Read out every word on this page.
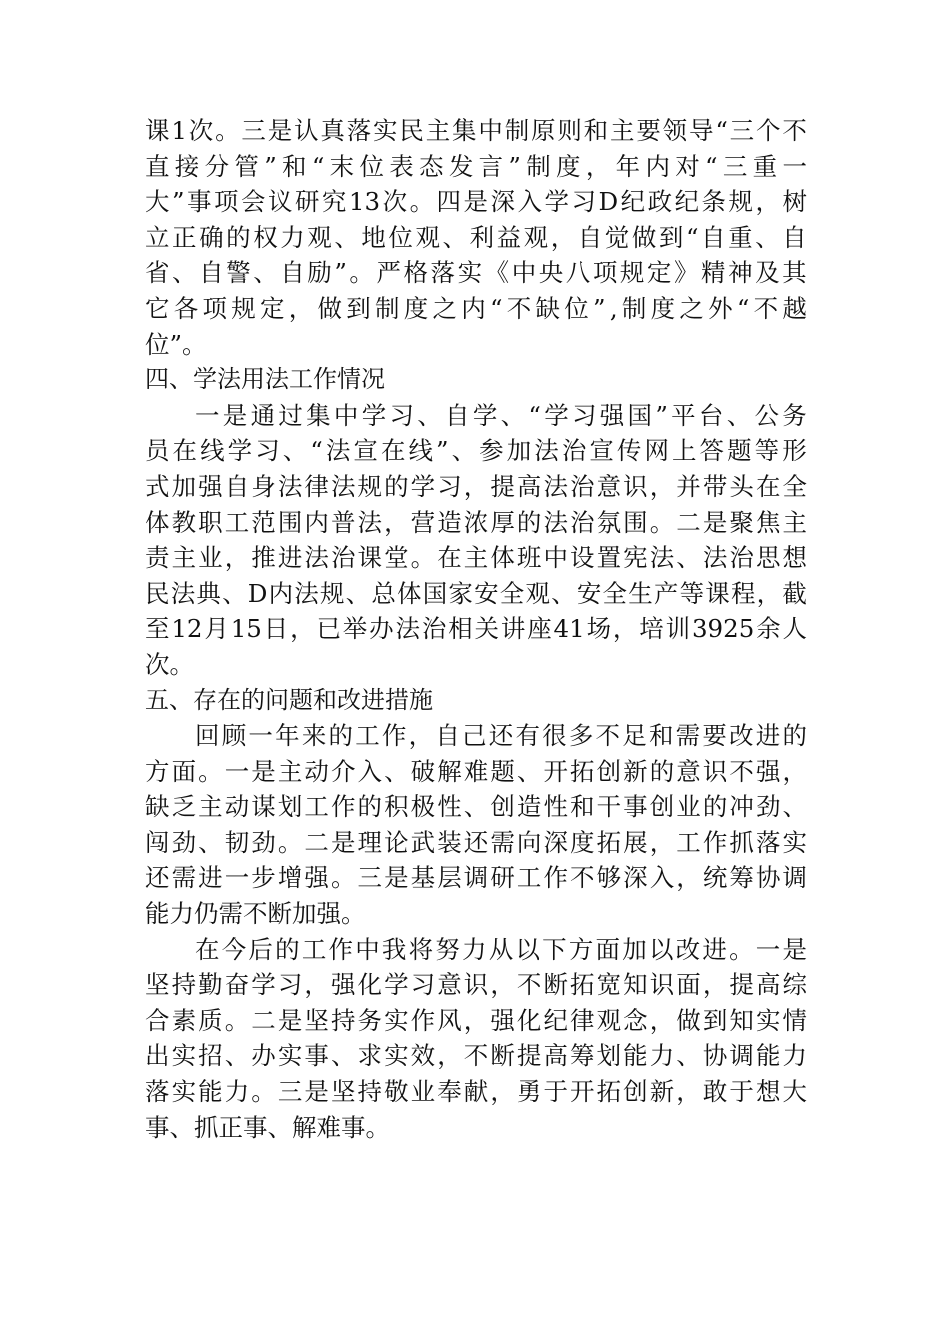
课 1 次 。 三 是 认 真 落 实 民 主 集 中 制 原 则 和 主 要 领 导 “ 三 个 不
直 接 分 管 ” 和 “ 末 位 表 态 发 言 ” 制 度 ， 年 内 对 “ 三 重 一
大 ” 事 项 会 议 研 究 13 次 。 四 是 深 入 学 习 D 纪 政 纪 条 规 ， 树
立 正 确 的 权 力 观 、 地 位 观 、 利 益 观 ， 自 觉 做 到 “ 自 重 、 自
省 、 自 警 、 自 励 ” 。 严 格 落 实 《 中 央 八 项 规 定 》 精 神 及 其
它 各 项 规 定 ， 做 到 制 度 之 内 “ 不 缺 位 ” , 制 度 之 外 “ 不 越
位”。

四、学法用法工作情况

一 是 通 过 集 中 学 习 、 自 学 、 “ 学 习 强 国 ” 平 台 、 公 务
员 在 线 学 习 、 “ 法 宣 在 线 ” 、 参 加 法 治 宣 传 网 上 答 题 等 形
式 加 强 自 身 法 律 法 规 的 学 习 ， 提 高 法 治 意 识 ， 并 带 头 在 全
体 教 职 工 范 围 内 普 法 ， 营 造 浓 厚 的 法 治 氛 围 。 二 是 聚 焦 主
责 主 业 ， 推 进 法 治 课 堂 。 在 主 体 班 中 设 置 宪 法 、 法 治 思 想
民 法 典 、 D 内 法 规 、 总 体 国 家 安 全 观 、 安 全 生 产 等 课 程 ， 截
至 12 月 15 日 ， 已 举 办 法 治 相 关 讲 座 41 场 ， 培 训 3925 余 人
次。

五、存在的问题和改进措施

回 顾 一 年 来 的 工 作 ， 自 己 还 有 很 多 不 足 和 需 要 改 进 的
方 面 。 一 是 主 动 介 入 、 破 解 难 题 、 开 拓 创 新 的 意 识 不 强 ，
缺 乏 主 动 谋 划 工 作 的 积 极 性 、 创 造 性 和 干 事 创 业 的 冲 劲 、
闯 劲 、 韧 劲 。 二 是 理 论 武 装 还 需 向 深 度 拓 展 ， 工 作 抓 落 实
还 需 进 一 步 增 强 。 三 是 基 层 调 研 工 作 不 够 深 入 ， 统 筹 协 调
能力仍需不断加强。

在 今 后 的 工 作 中 我 将 努 力 从 以 下 方 面 加 以 改 进 。 一 是
坚 持 勤 奋 学 习 ， 强 化 学 习 意 识 ， 不 断 拓 宽 知 识 面 ， 提 高 综
合 素 质 。 二 是 坚 持 务 实 作 风 ， 强 化 纪 律 观 念 ， 做 到 知 实 情
出 实 招 、 办 实 事 、 求 实 效 ， 不 断 提 高 筹 划 能 力 、 协 调 能 力
落 实 能 力 。 三 是 坚 持 敬 业 奉 献 ， 勇 于 开 拓 创 新 ， 敢 于 想 大
事、抓正事、解难事。
